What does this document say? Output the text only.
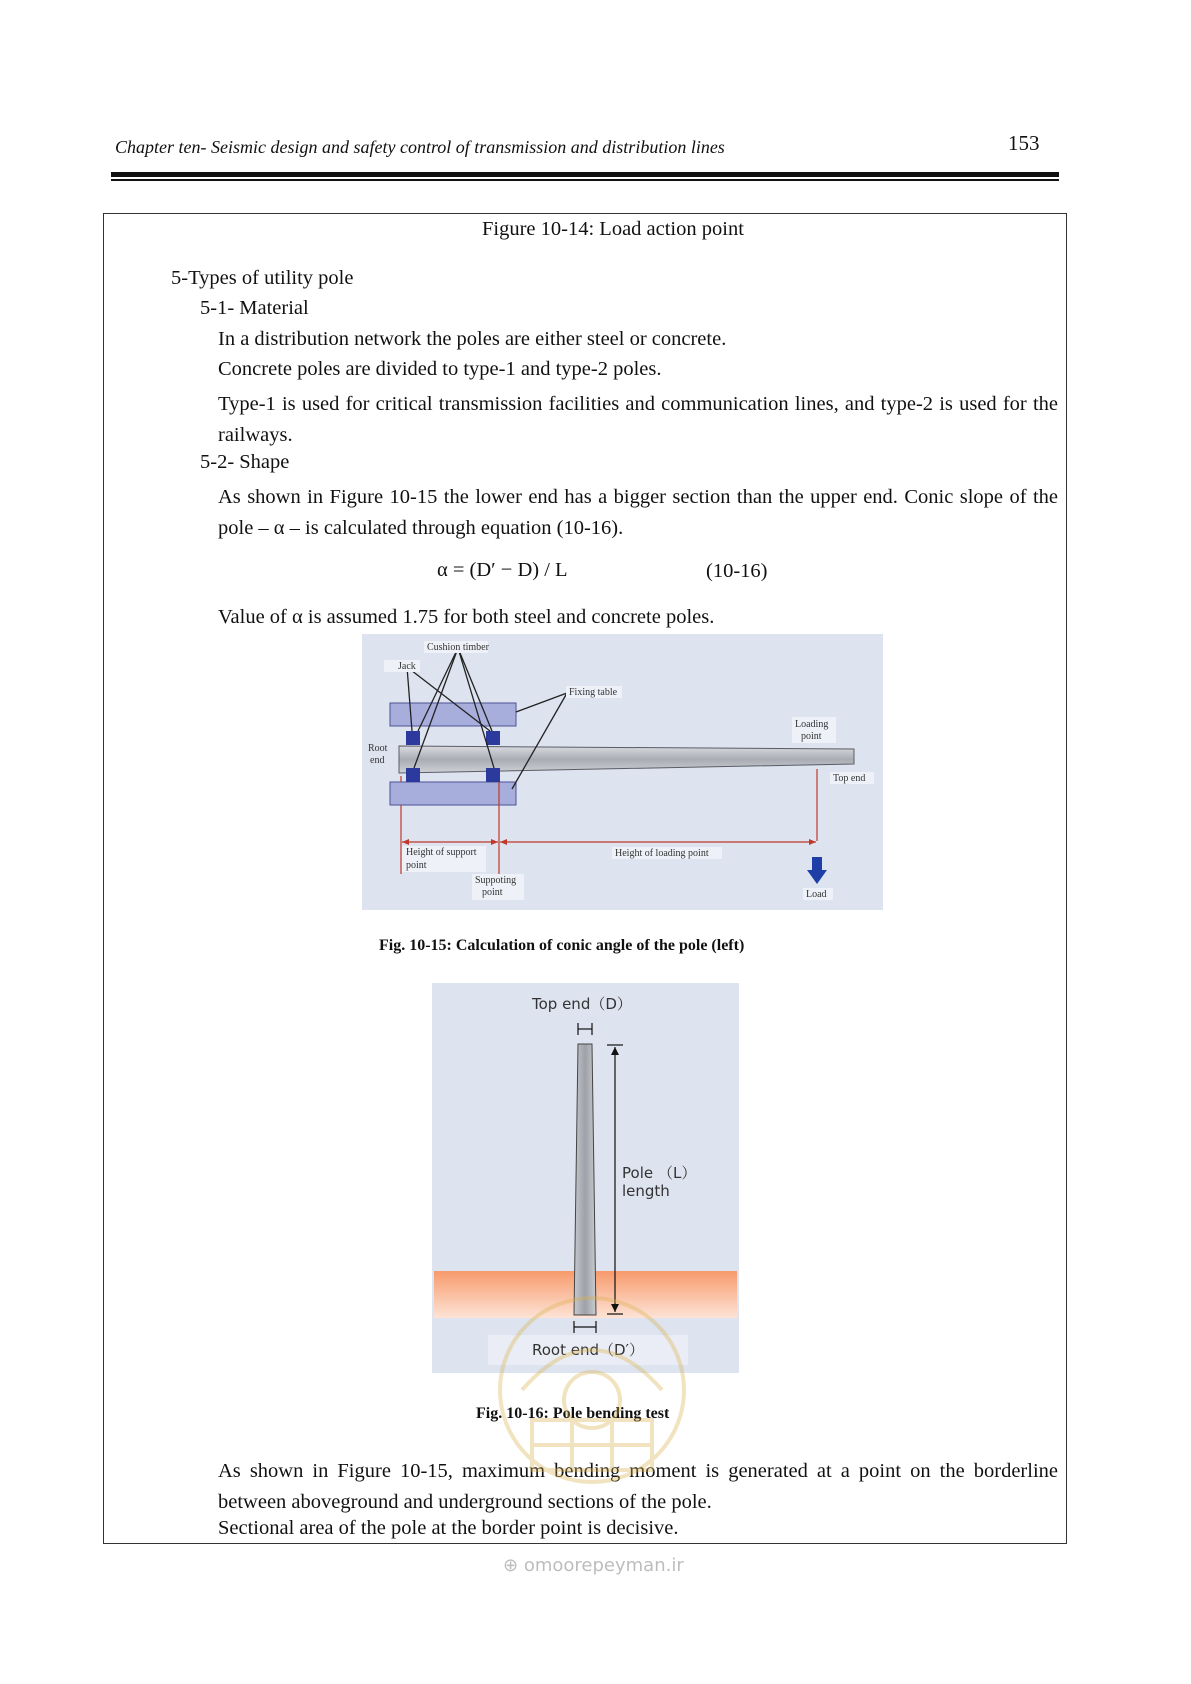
Chapter ten- Seismic design and safety control of transmission and distribution lines	153
Figure 10-14: Load action point
5-Types of utility pole
5-1- Material
In a distribution network the poles are either steel or concrete.
Concrete poles are divided to type-1 and type-2 poles.
Type-1 is used for critical transmission facilities and communication lines, and type-2 is used for the railways.
5-2- Shape
As shown in Figure 10-15 the lower end has a bigger section than the upper end. Conic slope of the pole – α – is calculated through equation (10-16).
α = (D′ − D) / L	(10-16)
Value of α is assumed 1.75 for both steel and concrete poles.
Cushion timber
Jack
Fixing table
Loading
point
Root
end
Top end
Height of support
point
Height of loading point
Suppoting
point	Load
Fig. 10-15: Calculation of conic angle of the pole (left)
Top end（D）
Pole
length
（L）
Root end（D′）
Fig. 10-16: Pole bending test
As shown in Figure 10-15, maximum bending moment is generated at a point on the borderline between aboveground and underground sections of the pole.
Sectional area of the pole at the border point is decisive.
⊕ omoorepeyman.ir
